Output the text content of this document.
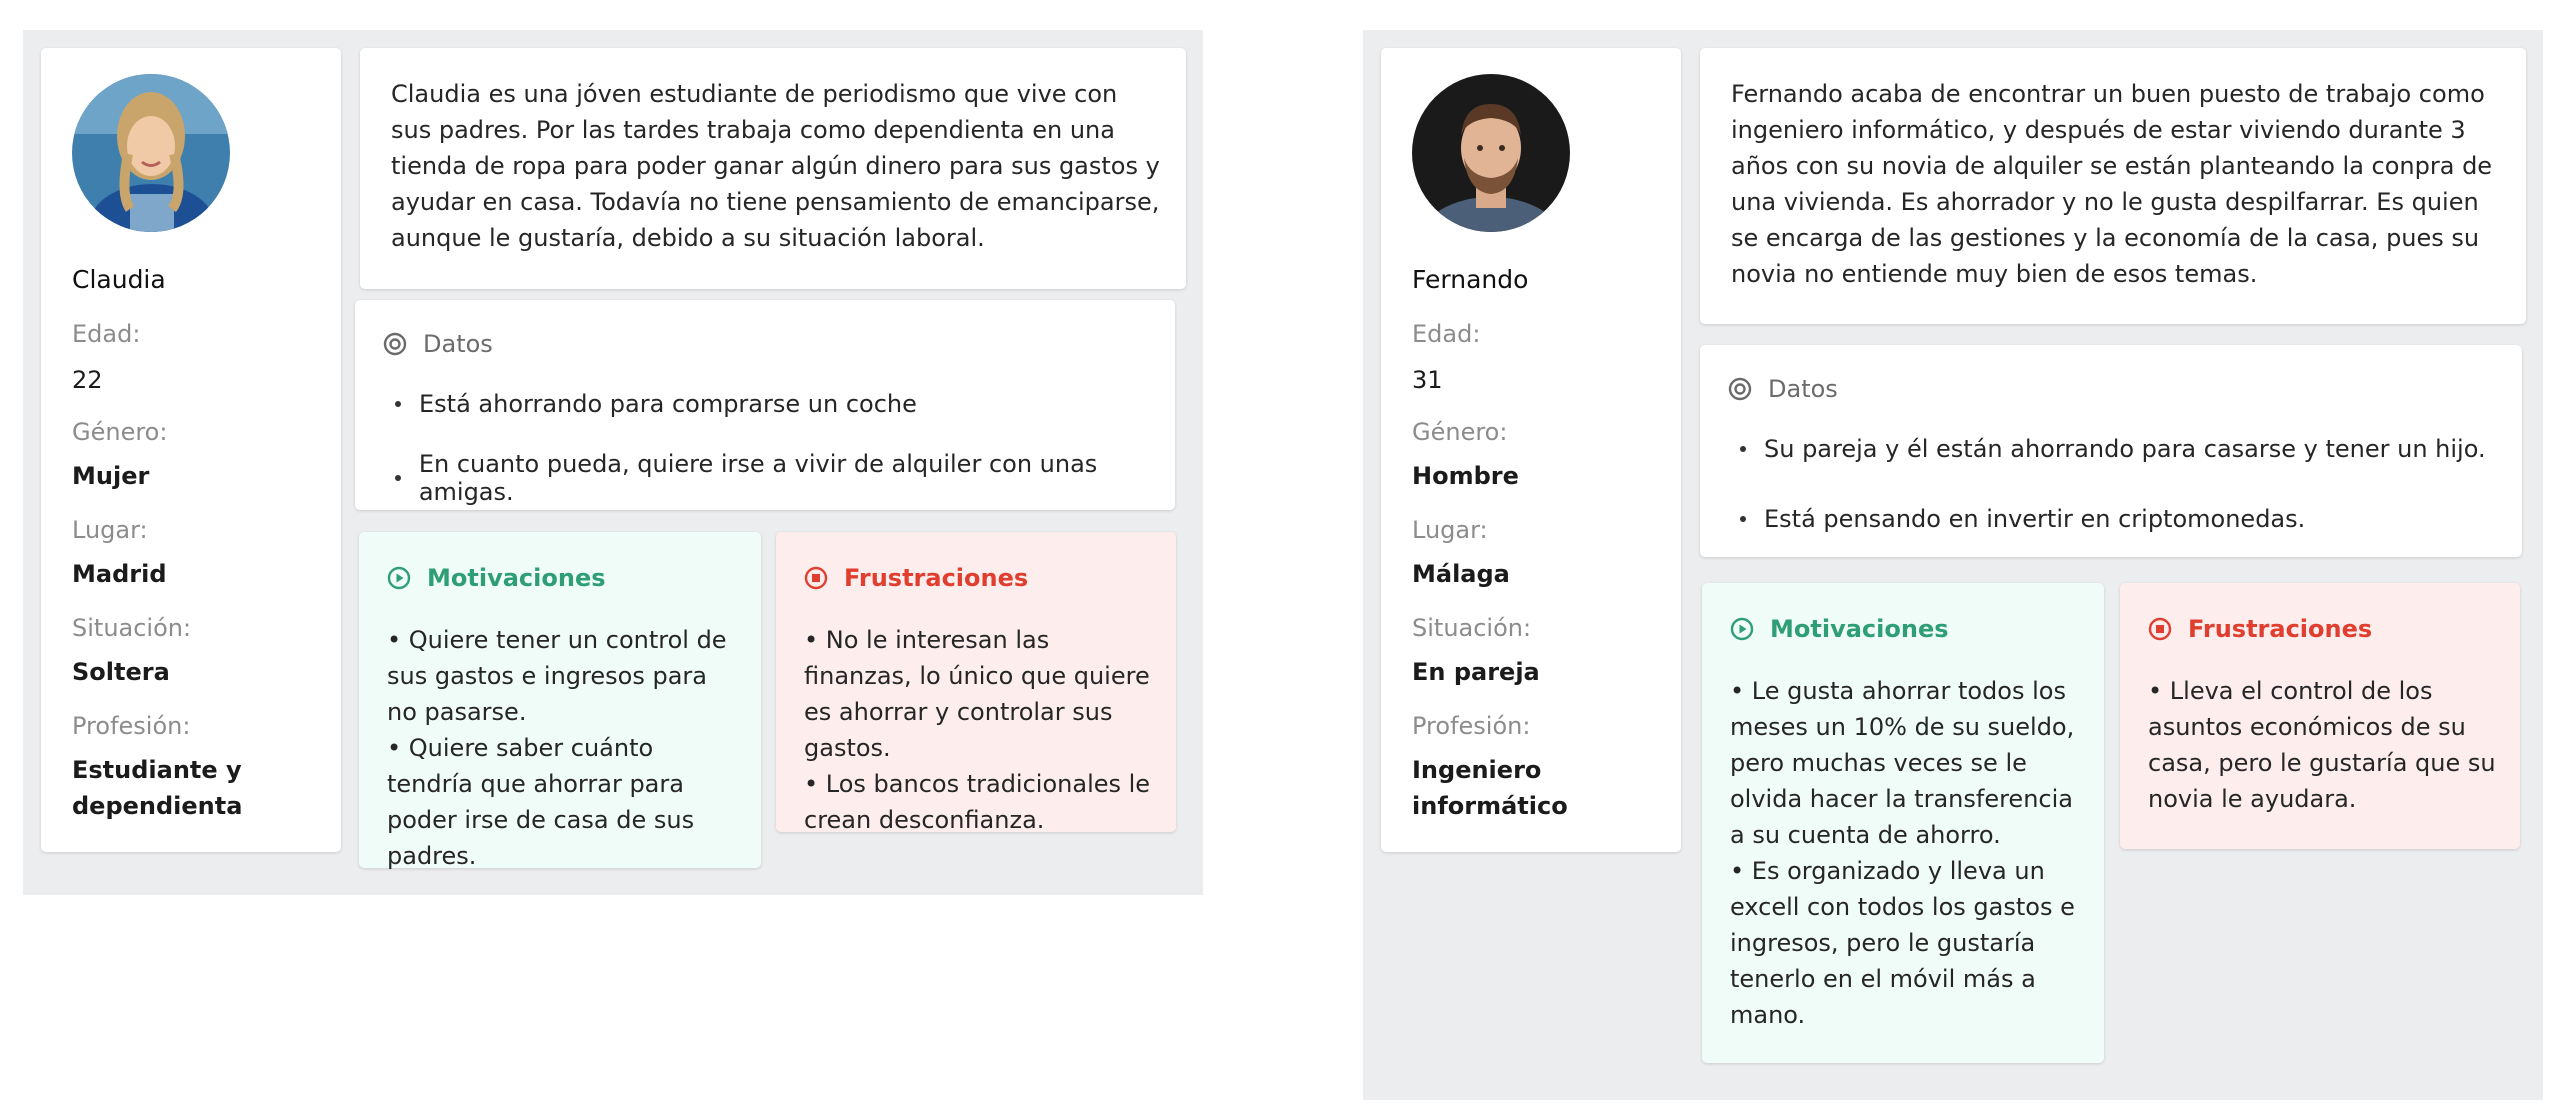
Claudia
Edad:
22
Género:
Mujer
Lugar:
Madrid
Situación:
Soltera
Profesión:
Estudiante y dependienta
Claudia es una jóven estudiante de periodismo que vive con sus padres. Por las tardes trabaja como dependienta en una tienda de ropa para poder ganar algún dinero para sus gastos y ayudar en casa. Todavía no tiene pensamiento de emanciparse, aunque le gustaría, debido a su situación laboral.
Datos
Está ahorrando para comprarse un coche
En cuanto pueda, quiere irse a vivir de alquiler con unas amigas.
Motivaciones
• Quiere tener un control de sus gastos e ingresos para no pasarse.
• Quiere saber cuánto tendría que ahorrar para poder irse de casa de sus padres.
Frustraciones
• No le interesan las finanzas, lo único que quiere es ahorrar y controlar sus gastos.
• Los bancos tradicionales le crean desconfianza.
Fernando
Edad:
31
Género:
Hombre
Lugar:
Málaga
Situación:
En pareja
Profesión:
Ingeniero informático
Fernando acaba de encontrar un buen puesto de trabajo como ingeniero informático, y después de estar viviendo durante 3 años con su novia de alquiler se están planteando la conpra de una vivienda. Es ahorrador y no le gusta despilfarrar. Es quien se encarga de las gestiones y la economía de la casa, pues su novia no entiende muy bien de esos temas.
Datos
Su pareja y él están ahorrando para casarse y tener un hijo.
Está pensando en invertir en criptomonedas.
Motivaciones
• Le gusta ahorrar todos los meses un 10% de su sueldo, pero muchas veces se le olvida hacer la transferencia a su cuenta de ahorro.
• Es organizado y lleva un excell con todos los gastos e ingresos, pero le gustaría tenerlo en el móvil más a mano.
Frustraciones
• Lleva el control de los asuntos económicos de su casa, pero le gustaría que su novia le ayudara.
